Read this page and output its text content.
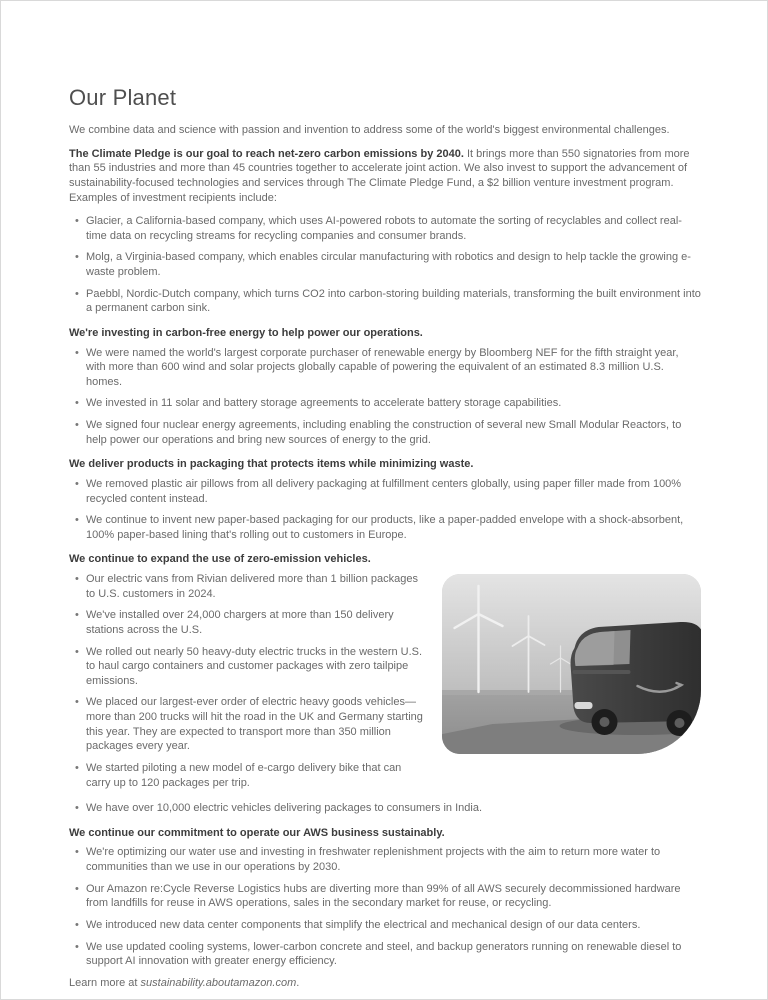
Our Planet

We combine data and science with passion and invention to address some of the world's biggest environmental challenges.

The Climate Pledge is our goal to reach net-zero carbon emissions by 2040. It brings more than 550 signatories from more than 55 industries and more than 45 countries together to accelerate joint action. We also invest to support the advancement of sustainability-focused technologies and services through The Climate Pledge Fund, a $2 billion venture investment program. Examples of investment recipients include:

• Glacier, a California-based company, which uses AI-powered robots to automate the sorting of recyclables and collect real-time data on recycling streams for recycling companies and consumer brands.
• Molg, a Virginia-based company, which enables circular manufacturing with robotics and design to help tackle the growing e-waste problem.
• Paebbl, Nordic-Dutch company, which turns CO2 into carbon-storing building materials, transforming the built environment into a permanent carbon sink.
We're investing in carbon-free energy to help power our operations.
• We were named the world's largest corporate purchaser of renewable energy by Bloomberg NEF for the fifth straight year, with more than 600 wind and solar projects globally capable of powering the equivalent of an estimated 8.3 million U.S. homes.
• We invested in 11 solar and battery storage agreements to accelerate battery storage capabilities.
• We signed four nuclear energy agreements, including enabling the construction of several new Small Modular Reactors, to help power our operations and bring new sources of energy to the grid.
We deliver products in packaging that protects items while minimizing waste.
• We removed plastic air pillows from all delivery packaging at fulfillment centers globally, using paper filler made from 100% recycled content instead.
• We continue to invent new paper-based packaging for our products, like a paper-padded envelope with a shock-absorbent, 100% paper-based lining that's rolling out to customers in Europe.
We continue to expand the use of zero-emission vehicles.
• Our electric vans from Rivian delivered more than 1 billion packages to U.S. customers in 2024.
• We've installed over 24,000 chargers at more than 150 delivery stations across the U.S.
• We rolled out nearly 50 heavy-duty electric trucks in the western U.S. to haul cargo containers and customer packages with zero tailpipe emissions.
• We placed our largest-ever order of electric heavy goods vehicles—more than 200 trucks will hit the road in the UK and Germany starting this year. They are expected to transport more than 350 million packages every year.
• We started piloting a new model of e-cargo delivery bike that can carry up to 120 packages per trip.
• We have over 10,000 electric vehicles delivering packages to consumers in India.
We continue our commitment to operate our AWS business sustainably.
• We're optimizing our water use and investing in freshwater replenishment projects with the aim to return more water to communities than we use in our operations by 2030.
• Our Amazon re:Cycle Reverse Logistics hubs are diverting more than 99% of all AWS securely decommissioned hardware from landfills for reuse in AWS operations, sales in the secondary market for reuse, or recycling.
• We introduced new data center components that simplify the electrical and mechanical design of our data centers.
• We use updated cooling systems, lower-carbon concrete and steel, and backup generators running on renewable diesel to support AI innovation with greater energy efficiency.

Learn more at sustainability.aboutamazon.com.
